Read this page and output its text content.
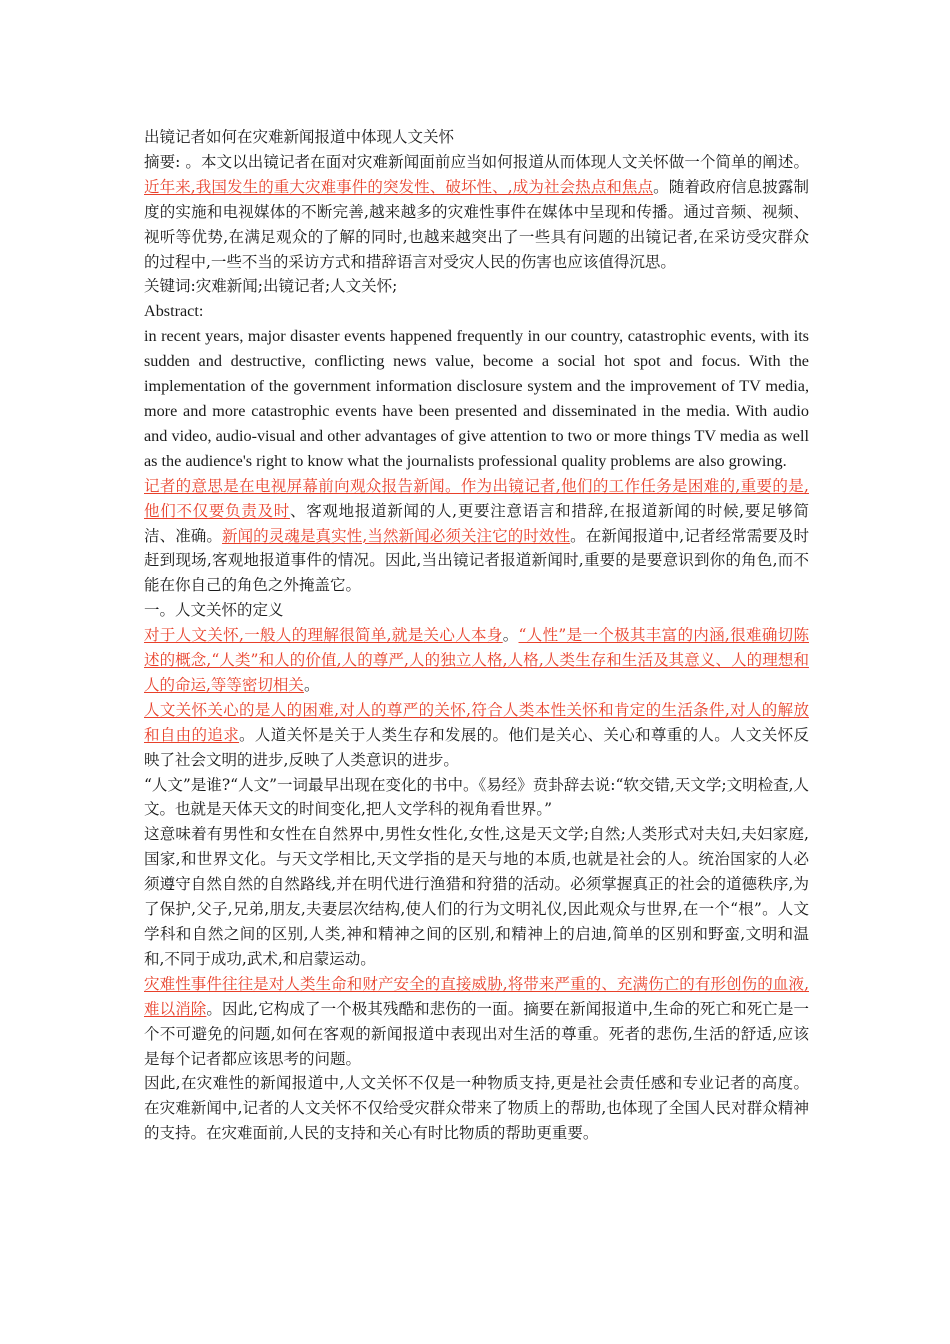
出镜记者如何在灾难新闻报道中体现人文关怀

摘要: 。本文以出镜记者在面对灾难新闻面前应当如何报道从而体现人文关怀做一个简单的阐述。近年来,我国发生的重大灾难事件的突发性、破坏性、,成为社会热点和焦点。随着政府信息披露制度的实施和电视媒体的不断完善,越来越多的灾难性事件在媒体中呈现和传播。通过音频、视频、视听等优势,在满足观众的了解的同时,也越来越突出了一些具有问题的出镜记者,在采访受灾群众的过程中,一些不当的采访方式和措辞语言对受灾人民的伤害也应该值得沉思。

关键词:灾难新闻;出镜记者;人文关怀;

Abstract:

in recent years, major disaster events happened frequently in our country, catastrophic events, with its sudden and destructive, conflicting news value, become a social hot spot and focus. With the implementation of the government information disclosure system and the improvement of TV media, more and more catastrophic events have been presented and disseminated in the media. With audio and video, audio-visual and other advantages of give attention to two or more things TV media as well as the audience's right to know what the journalists professional quality problems are also growing.

记者的意思是在电视屏幕前向观众报告新闻。作为出镜记者,他们的工作任务是困难的,重要的是,他们不仅要负责及时、客观地报道新闻的人,更要注意语言和措辞,在报道新闻的时候,要足够简洁、准确。新闻的灵魂是真实性,当然新闻必须关注它的时效性。在新闻报道中,记者经常需要及时赶到现场,客观地报道事件的情况。因此,当出镜记者报道新闻时,重要的是要意识到你的角色,而不能在你自己的角色之外掩盖它。

一。人文关怀的定义

对于人文关怀,一般人的理解很简单,就是关心人本身。“人性”是一个极其丰富的内涵,很难确切陈述的概念,“人类”和人的价值,人的尊严,人的独立人格,人格,人类生存和生活及其意义、人的理想和人的命运,等等密切相关。

人文关怀关心的是人的困难,对人的尊严的关怀,符合人类本性关怀和肯定的生活条件,对人的解放和自由的追求。人道关怀是关于人类生存和发展的。他们是关心、关心和尊重的人。人文关怀反映了社会文明的进步,反映了人类意识的进步。

“人文”是谁?“人文”一词最早出现在变化的书中。《易经》贲卦辞去说:“软交错,天文学;文明检查,人文。也就是天体天文的时间变化,把人文学科的视角看世界。”

这意味着有男性和女性在自然界中,男性女性化,女性,这是天文学;自然;人类形式对夫妇,夫妇家庭,国家,和世界文化。与天文学相比,天文学指的是天与地的本质,也就是社会的人。统治国家的人必须遵守自然自然的自然路线,并在明代进行渔猎和狩猎的活动。必须掌握真正的社会的道德秩序,为了保护,父子,兄弟,朋友,夫妻层次结构,使人们的行为文明礼仪,因此观众与世界,在一个“根”。人文学科和自然之间的区别,人类,神和精神之间的区别,和精神上的启迪,简单的区别和野蛮,文明和温和,不同于成功,武术,和启蒙运动。

灾难性事件往往是对人类生命和财产安全的直接威胁,将带来严重的、充满伤亡的有形创伤的血液,难以消除。因此,它构成了一个极其残酷和悲伤的一面。摘要在新闻报道中,生命的死亡和死亡是一个不可避免的问题,如何在客观的新闻报道中表现出对生活的尊重。死者的悲伤,生活的舒适,应该是每个记者都应该思考的问题。

因此,在灾难性的新闻报道中,人文关怀不仅是一种物质支持,更是社会责任感和专业记者的高度。在灾难新闻中,记者的人文关怀不仅给受灾群众带来了物质上的帮助,也体现了全国人民对群众精神的支持。在灾难面前,人民的支持和关心有时比物质的帮助更重要。
